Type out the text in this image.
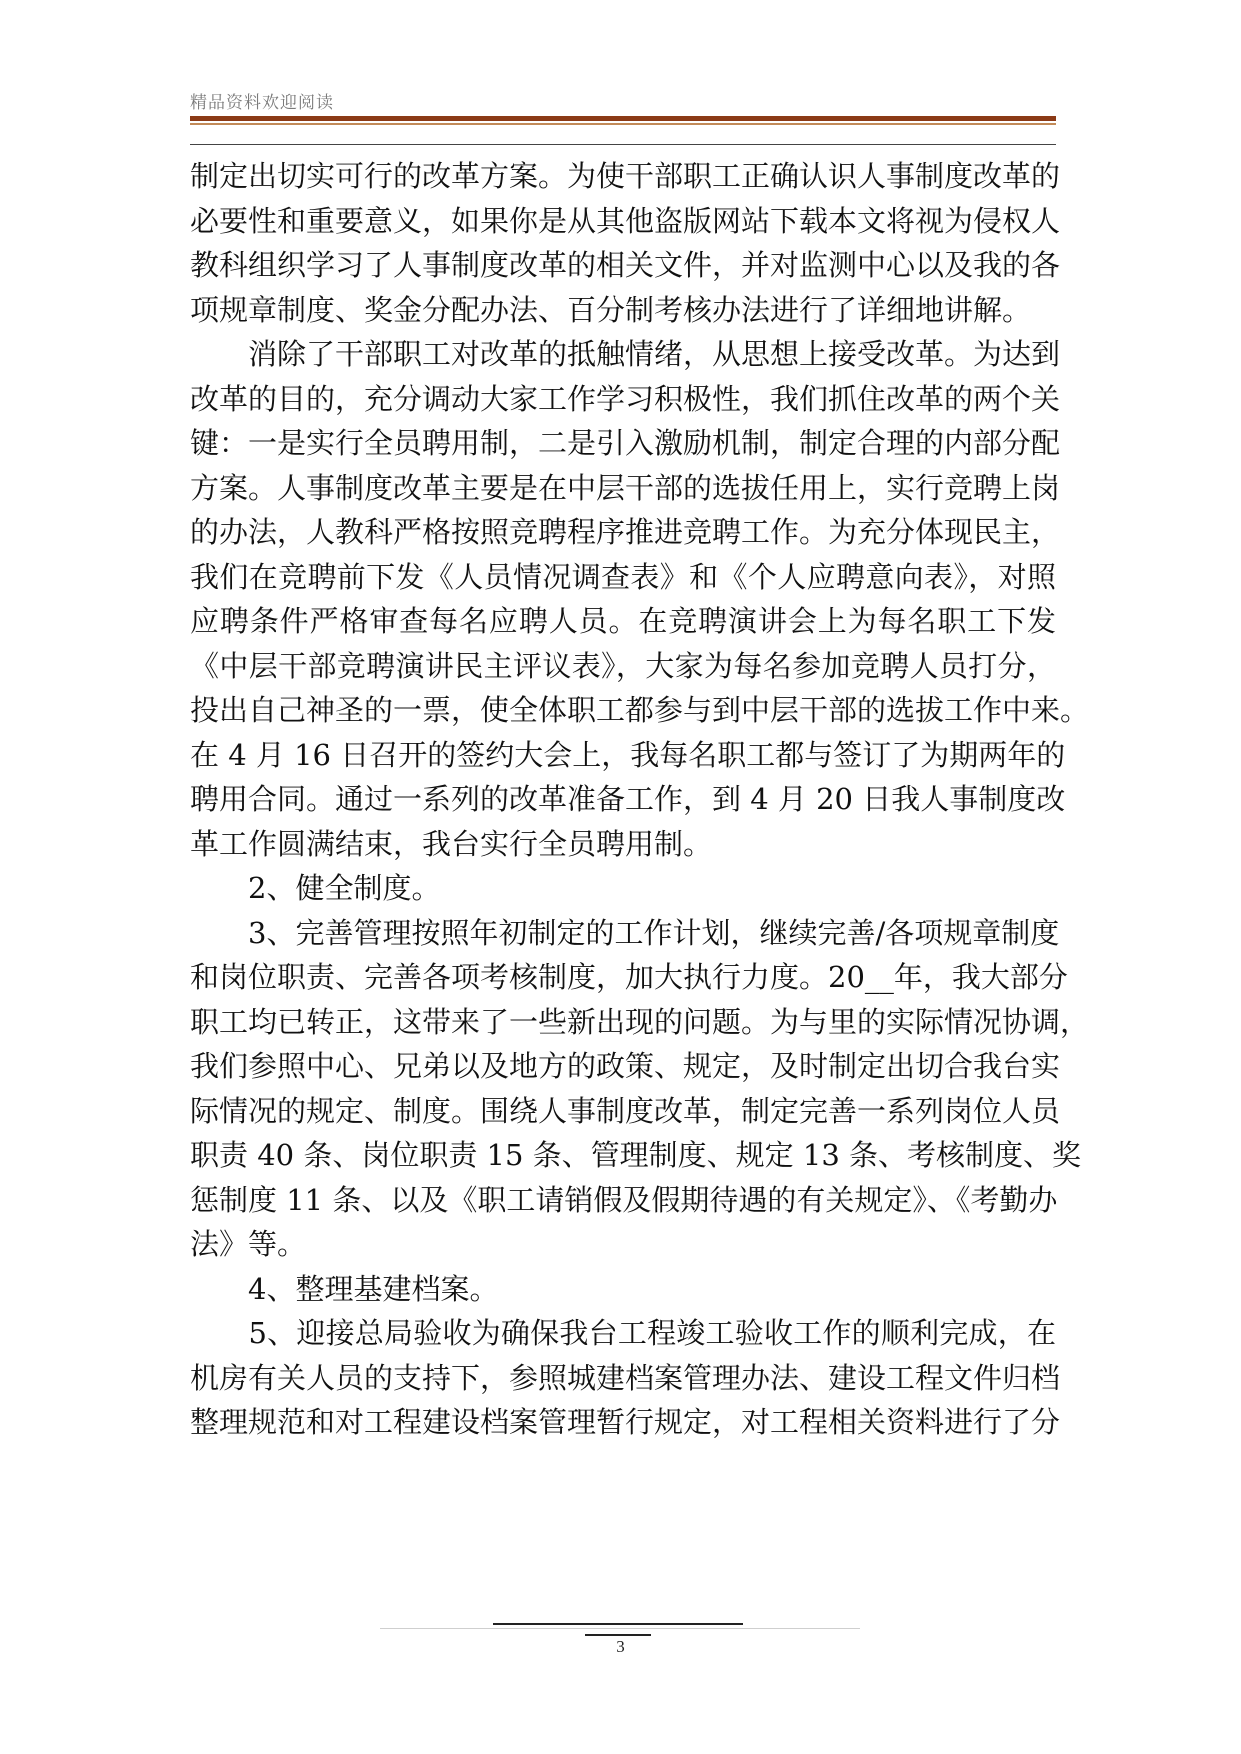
精品资料欢迎阅读
制定出切实可行的改革方案。为使干部职工正确认识人事制度改革的
必要性和重要意义，如果你是从其他盗版网站下载本文将视为侵权人
教科组织学习了人事制度改革的相关文件，并对监测中心以及我的各
项规章制度、奖金分配办法、百分制考核办法进行了详细地讲解。
　　消除了干部职工对改革的抵触情绪，从思想上接受改革。为达到
改革的目的，充分调动大家工作学习积极性，我们抓住改革的两个关
键：一是实行全员聘用制，二是引入激励机制，制定合理的内部分配
方案。人事制度改革主要是在中层干部的选拔任用上，实行竞聘上岗
的办法，人教科严格按照竞聘程序推进竞聘工作。为充分体现民主，
我们在竞聘前下发《人员情况调查表》和《个人应聘意向表》，对照
应聘条件严格审查每名应聘人员。在竞聘演讲会上为每名职工下发
《中层干部竞聘演讲民主评议表》，大家为每名参加竞聘人员打分，
投出自己神圣的一票，使全体职工都参与到中层干部的选拔工作中来。
在 4 月 16 日召开的签约大会上，我每名职工都与签订了为期两年的
聘用合同。通过一系列的改革准备工作，到 4 月 20 日我人事制度改
革工作圆满结束，我台实行全员聘用制。
　　2、健全制度。
　　3、完善管理按照年初制定的工作计划，继续完善/各项规章制度
和岗位职责、完善各项考核制度，加大执行力度。20__年，我大部分
职工均已转正，这带来了一些新出现的问题。为与里的实际情况协调，
我们参照中心、兄弟以及地方的政策、规定，及时制定出切合我台实
际情况的规定、制度。围绕人事制度改革，制定完善一系列岗位人员
职责 40 条、岗位职责 15 条、管理制度、规定 13 条、考核制度、奖
惩制度 11 条、以及《职工请销假及假期待遇的有关规定》、《考勤办
法》等。
　　4、整理基建档案。
　　5、迎接总局验收为确保我台工程竣工验收工作的顺利完成，在
机房有关人员的支持下，参照城建档案管理办法、建设工程文件归档
整理规范和对工程建设档案管理暂行规定，对工程相关资料进行了分
3
